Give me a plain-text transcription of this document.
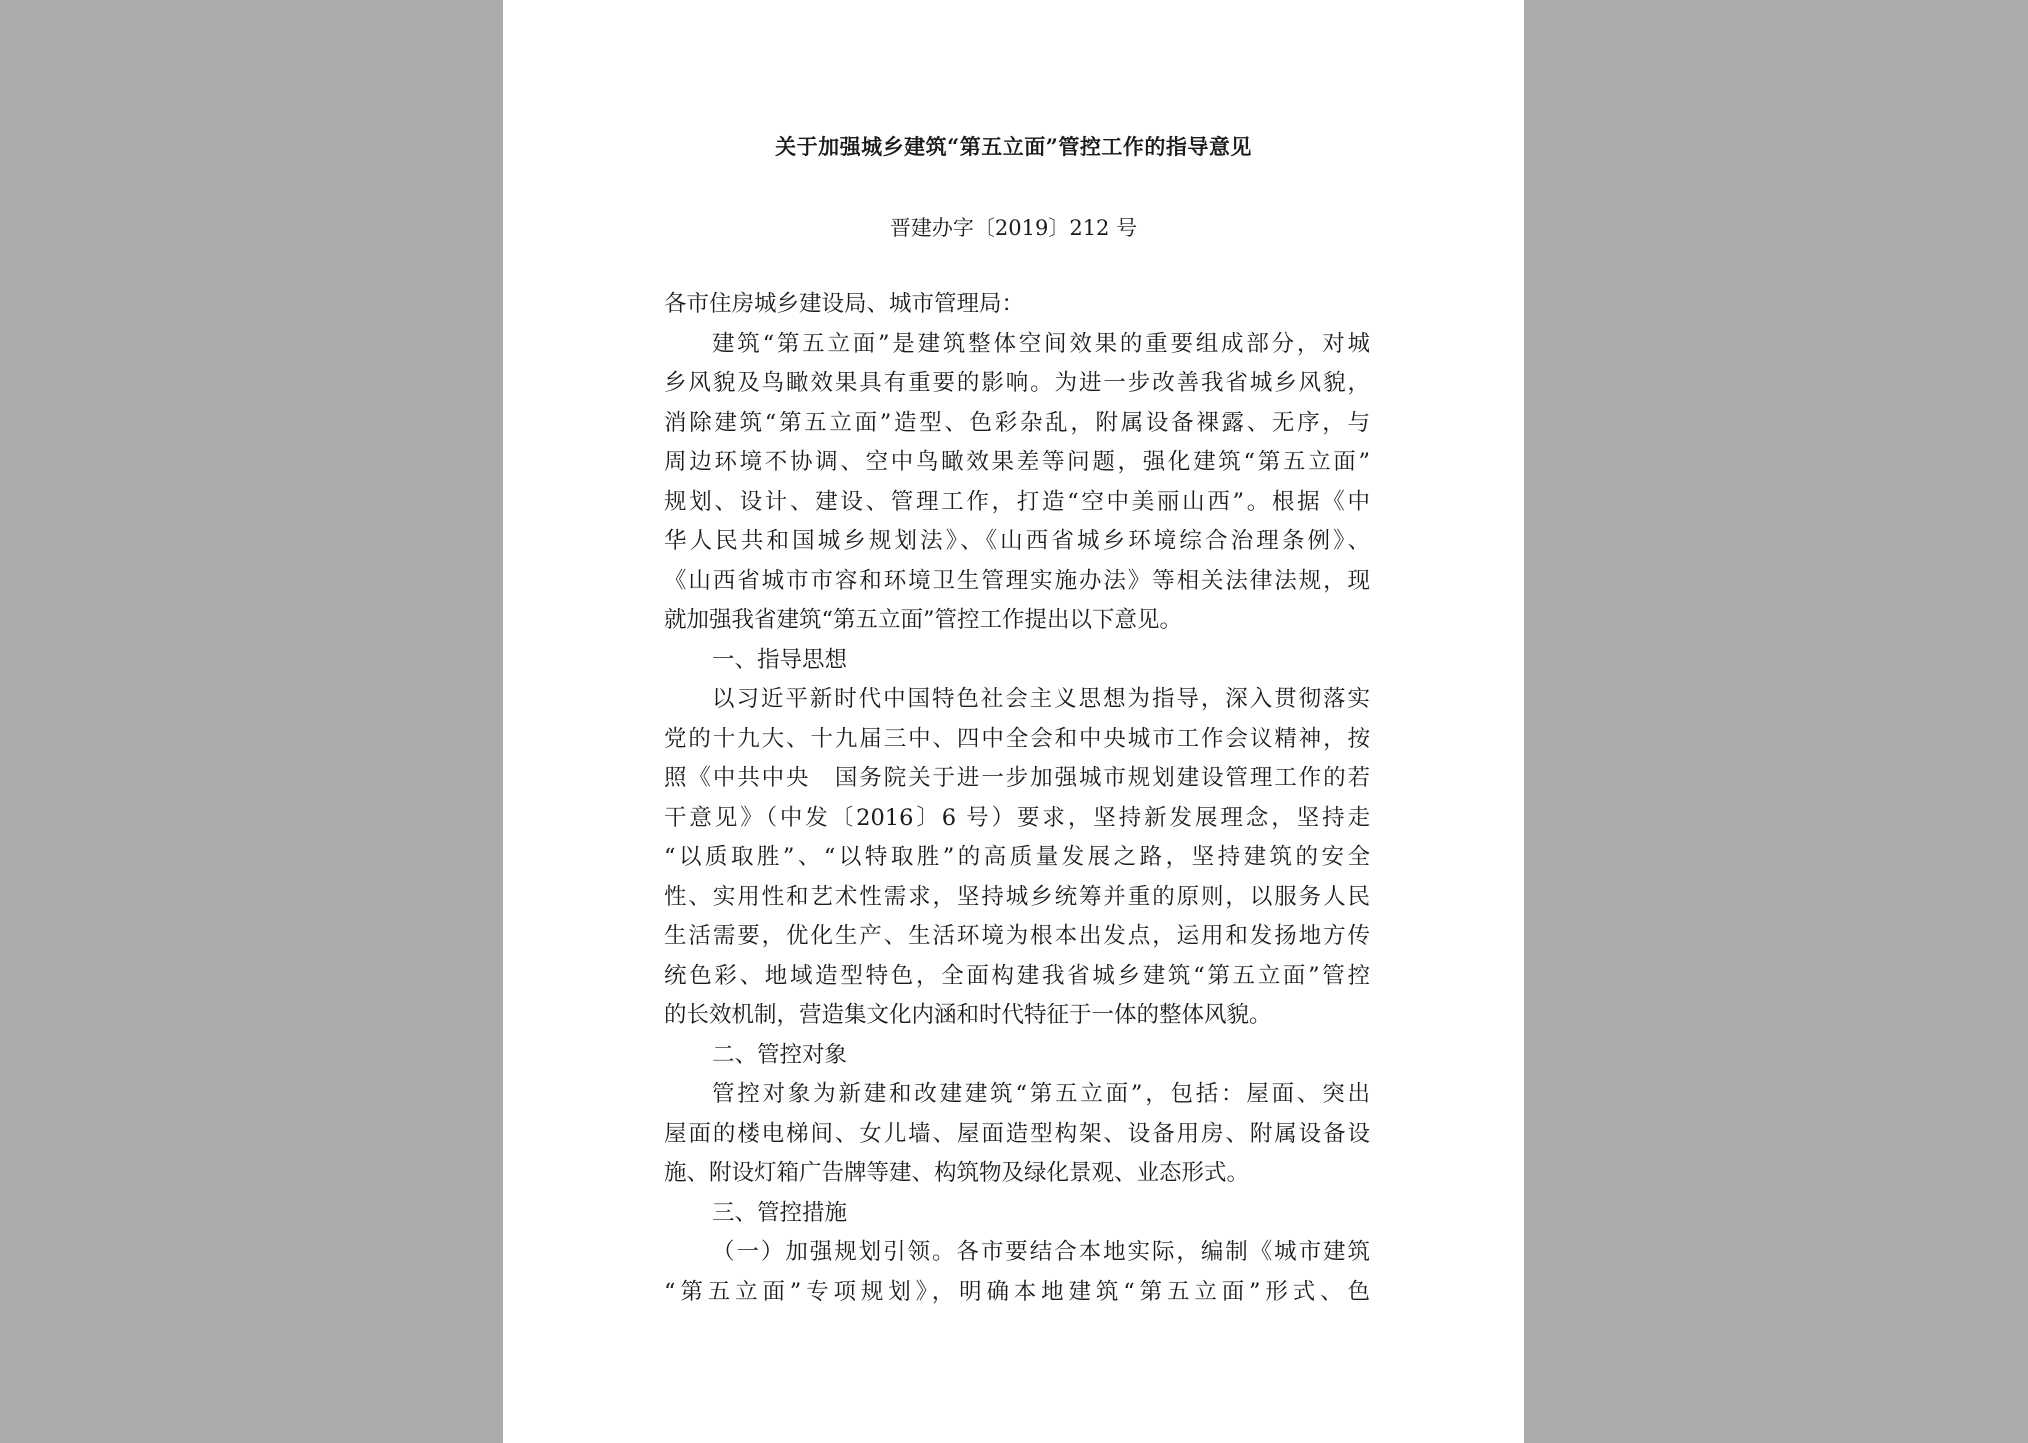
关于加强城乡建筑“第五立面”管控工作的指导意见
晋建办字〔2019〕212 号
各市住房城乡建设局、城市管理局：
建筑“第五立面”是建筑整体空间效果的重要组成部分，对城
乡风貌及鸟瞰效果具有重要的影响。为进一步改善我省城乡风貌，
消除建筑“第五立面”造型、色彩杂乱，附属设备裸露、无序，与
周边环境不协调、空中鸟瞰效果差等问题，强化建筑“第五立面”
规划、设计、建设、管理工作，打造“空中美丽山西”。根据《中
华人民共和国城乡规划法》、《山西省城乡环境综合治理条例》、
《山西省城市市容和环境卫生管理实施办法》等相关法律法规，现
就加强我省建筑“第五立面”管控工作提出以下意见。
一、指导思想
以习近平新时代中国特色社会主义思想为指导，深入贯彻落实
党的十九大、十九届三中、四中全会和中央城市工作会议精神，按
照《中共中央　国务院关于进一步加强城市规划建设管理工作的若
干意见》（中发〔2016〕6 号）要求，坚持新发展理念，坚持走
“以质取胜”、“以特取胜”的高质量发展之路，坚持建筑的安全
性、实用性和艺术性需求，坚持城乡统筹并重的原则，以服务人民
生活需要，优化生产、生活环境为根本出发点，运用和发扬地方传
统色彩、地域造型特色，全面构建我省城乡建筑“第五立面”管控
的长效机制，营造集文化内涵和时代特征于一体的整体风貌。
二、管控对象
管控对象为新建和改建建筑“第五立面”，包括：屋面、突出
屋面的楼电梯间、女儿墙、屋面造型构架、设备用房、附属设备设
施、附设灯箱广告牌等建、构筑物及绿化景观、业态形式。
三、管控措施
（一）加强规划引领。各市要结合本地实际，编制《城市建筑
“第五立面”专项规划》，明确本地建筑“第五立面”形式、色
